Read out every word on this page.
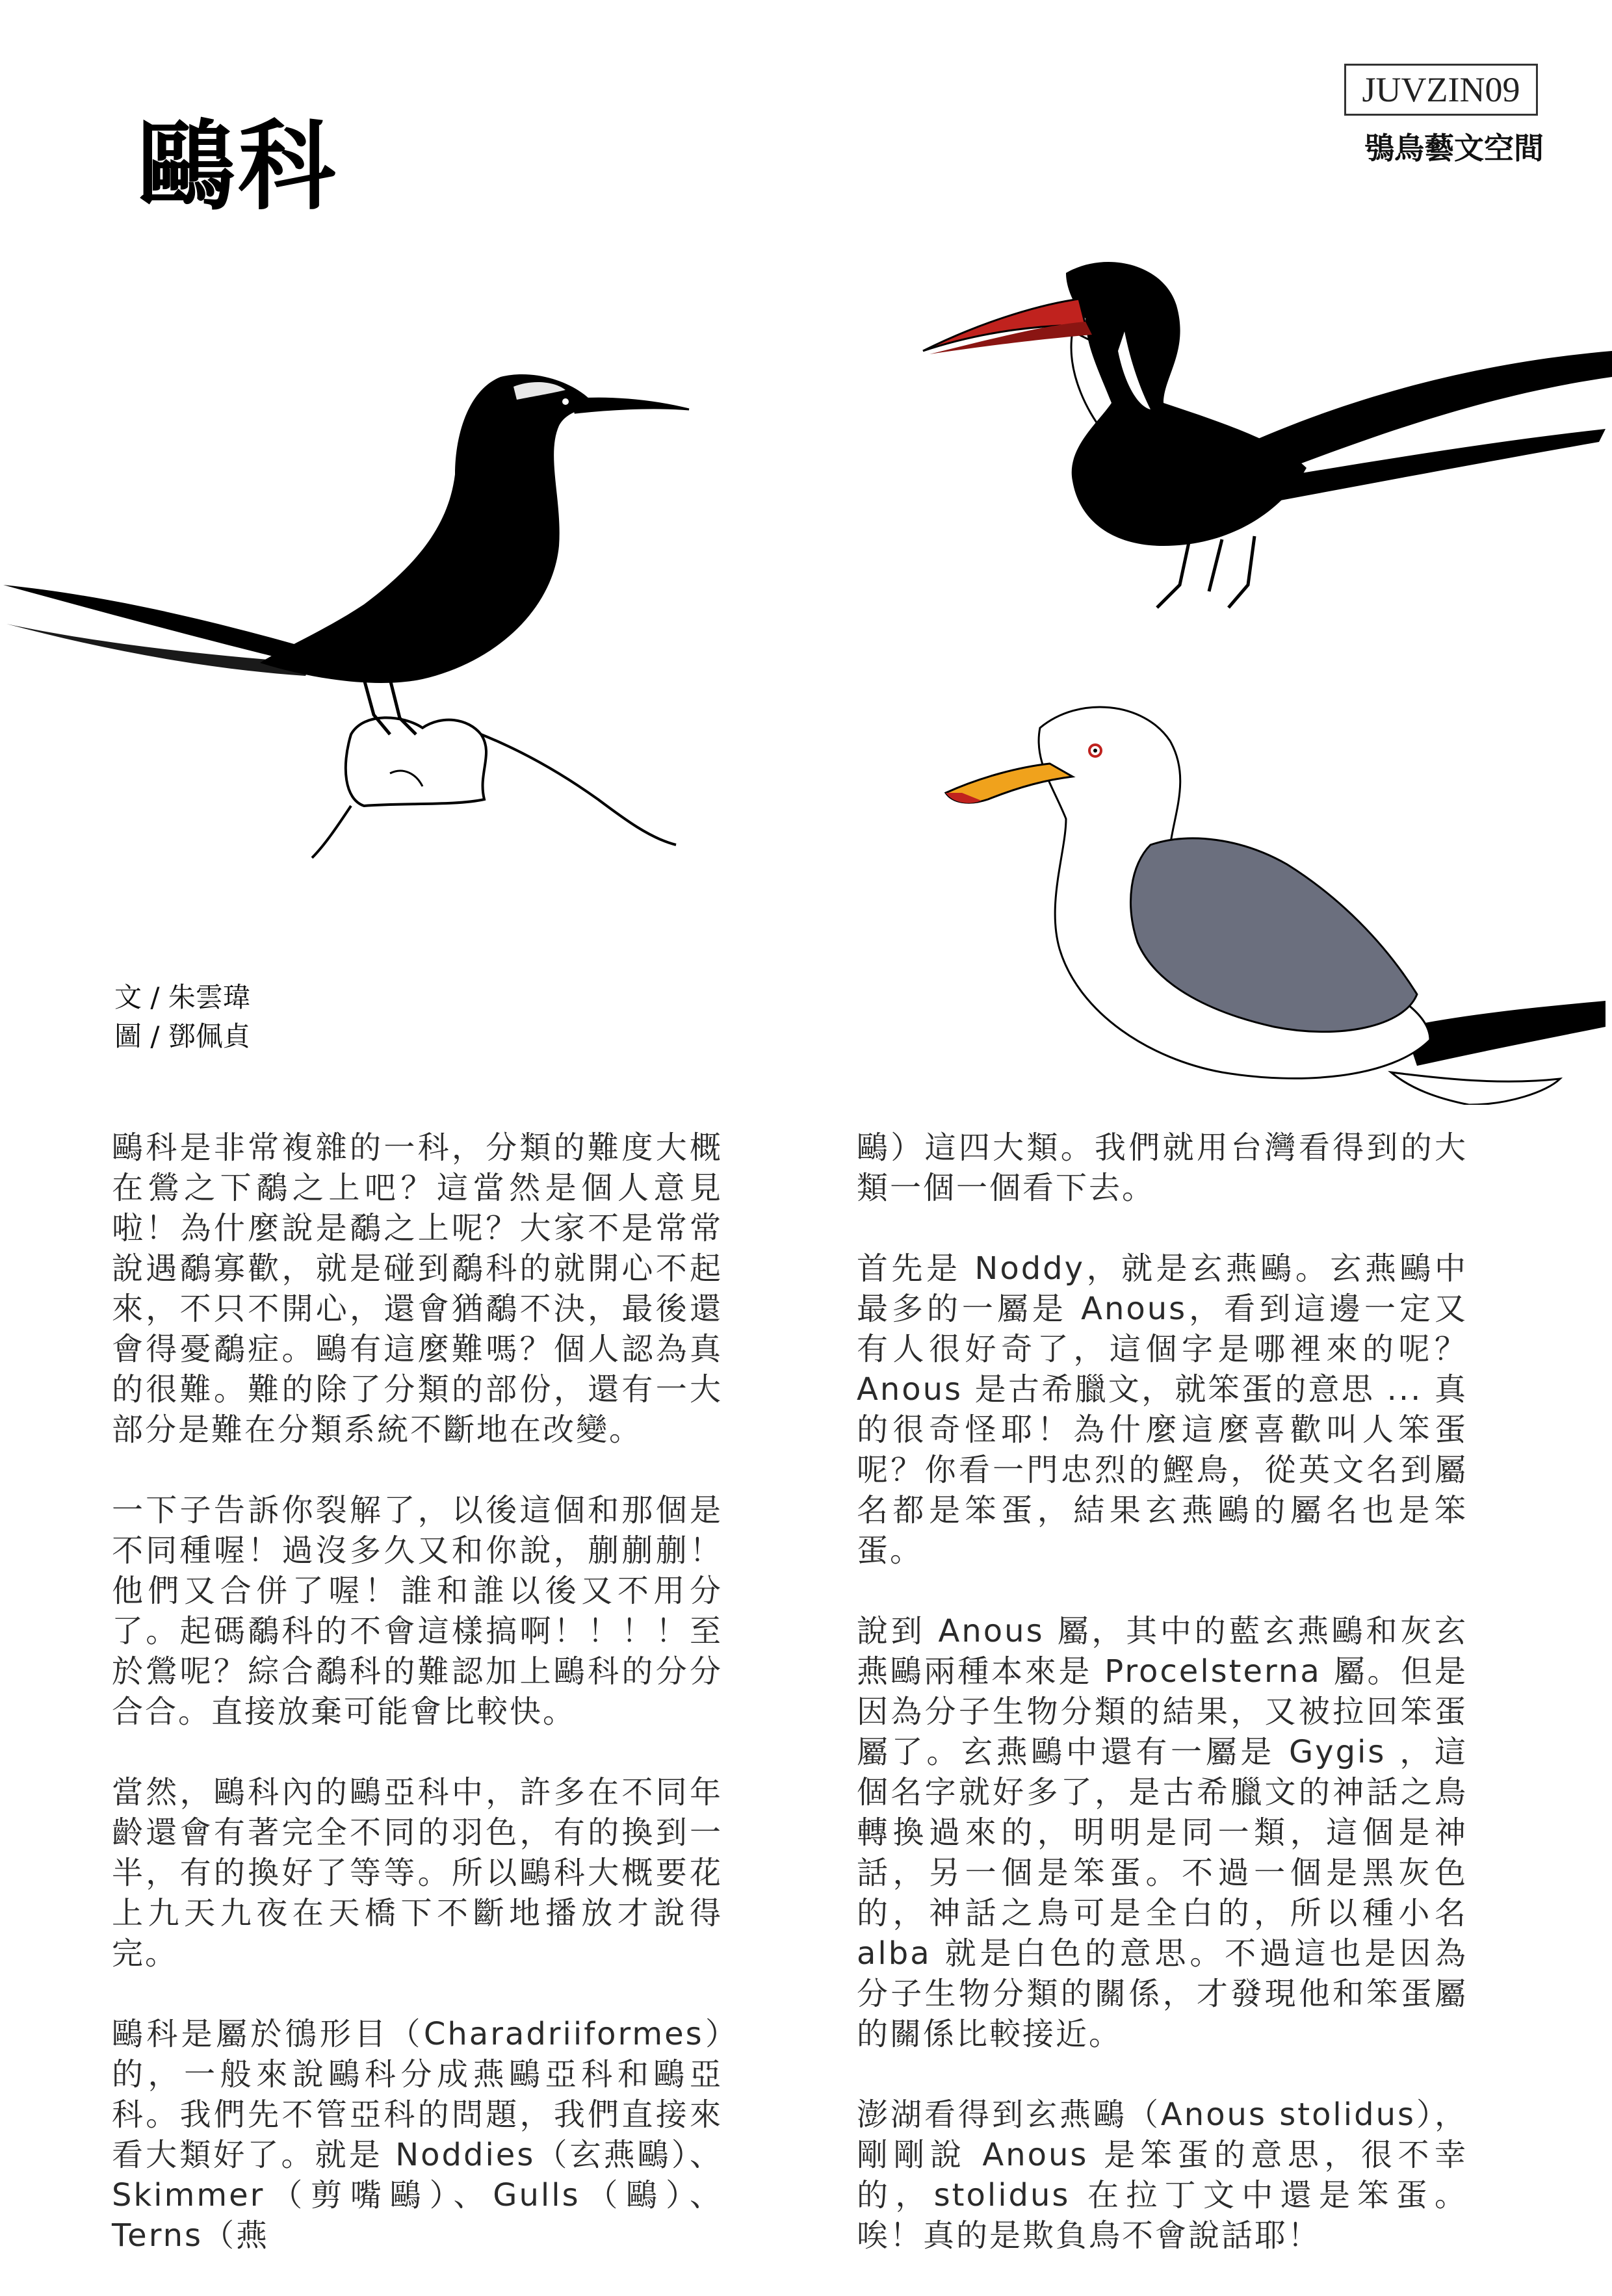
鷗科
JUVZIN09
鴞鳥藝文空間
文 / 朱雲瑋
圖 / 鄧佩貞

鷗科是非常複雜的一科，分類的難度大概在鶯之下鷸之上吧？這當然是個人意見啦！為什麼說是鷸之上呢？大家不是常常說遇鷸寡歡，就是碰到鷸科的就開心不起來，不只不開心，還會猶鷸不決，最後還會得憂鷸症。鷗有這麼難嗎？個人認為真的很難。難的除了分類的部份，還有一大部分是難在分類系統不斷地在改變。

一下子告訴你裂解了，以後這個和那個是不同種喔！過沒多久又和你說，蒯蒯蒯！他們又合併了喔！誰和誰以後又不用分了。起碼鷸科的不會這樣搞啊！！！！至於鶯呢？綜合鷸科的難認加上鷗科的分分合合。直接放棄可能會比較快。

當然，鷗科內的鷗亞科中，許多在不同年齡還會有著完全不同的羽色，有的換到一半，有的換好了等等。所以鷗科大概要花上九天九夜在天橋下不斷地播放才說得完。

鷗科是屬於鴴形目（Charadriiformes）的，一般來說鷗科分成燕鷗亞科和鷗亞科。我們先不管亞科的問題，我們直接來看大類好了。就是 Noddies（玄燕鷗）、Skimmer（剪嘴鷗）、Gulls（鷗）、Terns（燕

鷗）這四大類。我們就用台灣看得到的大類一個一個看下去。

首先是 Noddy，就是玄燕鷗。玄燕鷗中最多的一屬是 Anous，看到這邊一定又有人很好奇了，這個字是哪裡來的呢？Anous 是古希臘文，就笨蛋的意思 ... 真的很奇怪耶！為什麼這麼喜歡叫人笨蛋呢？你看一門忠烈的鰹鳥，從英文名到屬名都是笨蛋，結果玄燕鷗的屬名也是笨蛋。

說到 Anous 屬，其中的藍玄燕鷗和灰玄燕鷗兩種本來是 Procelsterna 屬。但是因為分子生物分類的結果，又被拉回笨蛋屬了。玄燕鷗中還有一屬是 Gygis ，這個名字就好多了，是古希臘文的神話之鳥轉換過來的，明明是同一類，這個是神話，另一個是笨蛋。不過一個是黑灰色的，神話之鳥可是全白的，所以種小名 alba 就是白色的意思。不過這也是因為分子生物分類的關係，才發現他和笨蛋屬的關係比較接近。

澎湖看得到玄燕鷗（Anous stolidus），剛剛說 Anous 是笨蛋的意思，很不幸的，stolidus 在拉丁文中還是笨蛋。唉！真的是欺負鳥不會說話耶！
